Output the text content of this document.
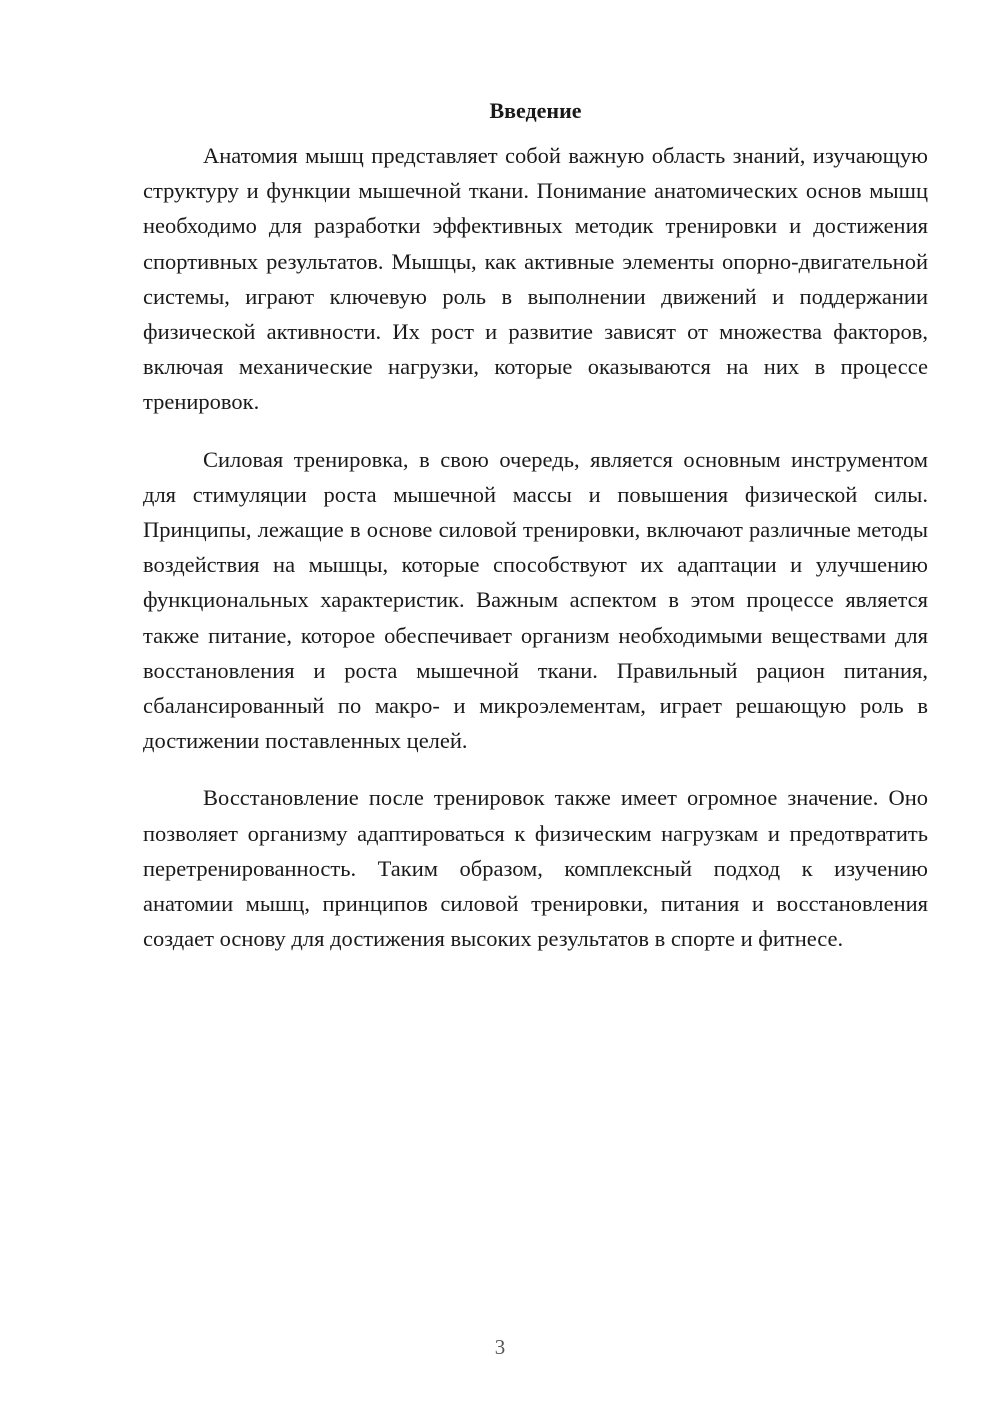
Введение

Анатомия мышц представляет собой важную область знаний, изучающую структуру и функции мышечной ткани. Понимание анатомических основ мышц необходимо для разработки эффективных методик тренировки и достижения спортивных результатов. Мышцы, как активные элементы опорно-двигательной системы, играют ключевую роль в выполнении движений и поддержании физической активности. Их рост и развитие зависят от множества факторов, включая механические нагрузки, которые оказываются на них в процессе тренировок.

Силовая тренировка, в свою очередь, является основным инструментом для стимуляции роста мышечной массы и повышения физической силы. Принципы, лежащие в основе силовой тренировки, включают различные методы воздействия на мышцы, которые способствуют их адаптации и улучшению функциональных характеристик. Важным аспектом в этом процессе является также питание, которое обеспечивает организм необходимыми веществами для восстановления и роста мышечной ткани. Правильный рацион питания, сбалансированный по макро- и микроэлементам, играет решающую роль в достижении поставленных целей.

Восстановление после тренировок также имеет огромное значение. Оно позволяет организму адаптироваться к физическим нагрузкам и предотвратить перетренированность. Таким образом, комплексный подход к изучению анатомии мышц, принципов силовой тренировки, питания и восстановления создает основу для достижения высоких результатов в спорте и фитнесе.

3
